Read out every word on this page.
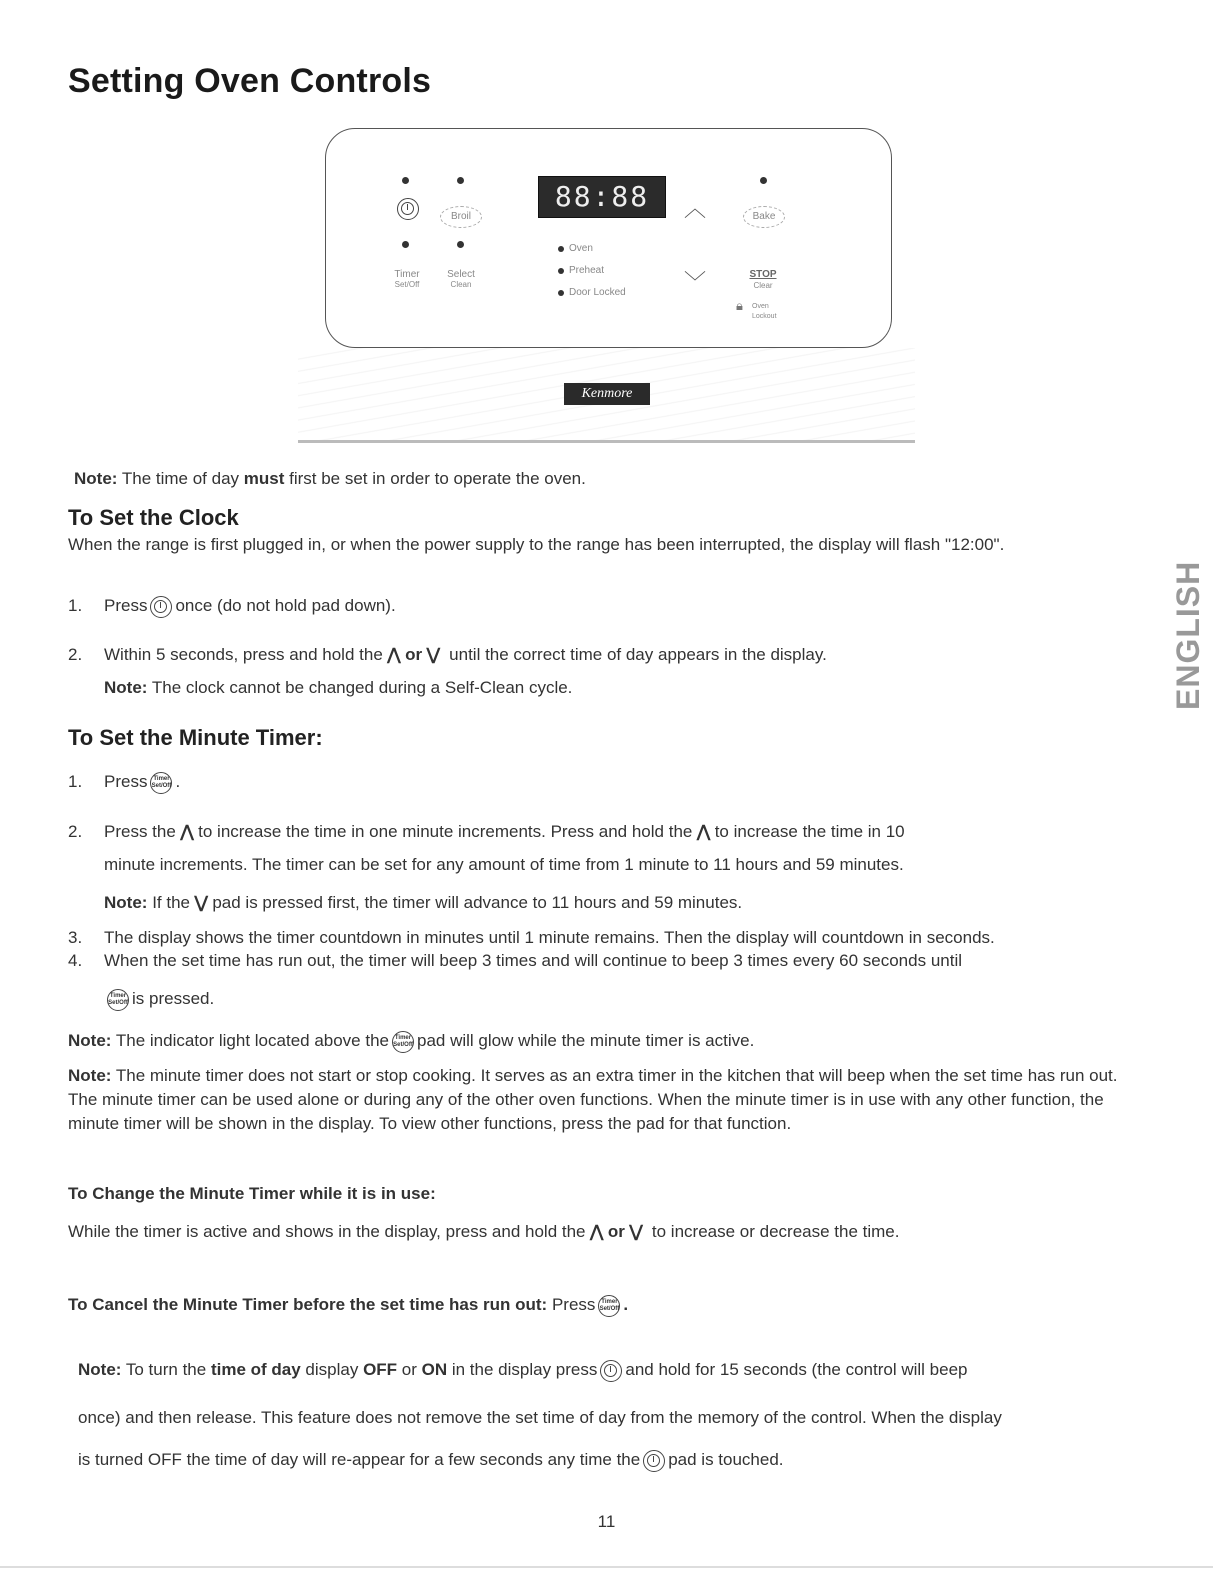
Setting Oven Controls
Broil	Bake
Timer
Set/Off
Select
Clean
88:88
Oven
Preheat
Door Locked
︿
﹀	STOP
Clear
🔒︎ Oven Lockout
Kenmore
Note: The time of day must first be set in order to operate the oven.
To Set the Clock
When the range is first plugged in, or when the power supply to the range has been interrupted, the display will flash "12:00".
1. Press once (do not hold pad down).
2. Within 5 seconds, press and hold the ⋀ or ⋁ until the correct time of day appears in the display.
Note: The clock cannot be changed during a Self-Clean cycle.
To Set the Minute Timer:
1. Press Timer
Set/Off .
2. Press the ⋀ to increase the time in one minute increments. Press and hold the ⋀ to increase the time in 10
minute increments. The timer can be set for any amount of time from 1 minute to 11 hours and 59 minutes.
Note: If the ⋁ pad is pressed first, the timer will advance to 11 hours and 59 minutes.
3. The display shows the timer countdown in minutes until 1 minute remains. Then the display will countdown in seconds.
4. When the set time has run out, the timer will beep 3 times and will continue to beep 3 times every 60 seconds until
Timer
Set/Off is pressed.
Note: The indicator light located above the Timer
Set/Off pad will glow while the minute timer is active.
Note: The minute timer does not start or stop cooking. It serves as an extra timer in the kitchen that will beep when the set time has run out. The minute timer can be used alone or during any of the other oven functions. When the minute timer is in use with any other function, the minute timer will be shown in the display. To view other functions, press the pad for that function.
To Change the Minute Timer while it is in use:
While the timer is active and shows in the display, press and hold the ⋀ or ⋁ to increase or decrease the time.
To Cancel the Minute Timer before the set time has run out: Press Timer
Set/Off .
Note: To turn the time of day display OFF or ON in the display press and hold for 15 seconds (the control will beep
once) and then release. This feature does not remove the set time of day from the memory of the control. When the display
is turned OFF the time of day will re-appear for a few seconds any time the pad is touched.
ENGLISH
11
